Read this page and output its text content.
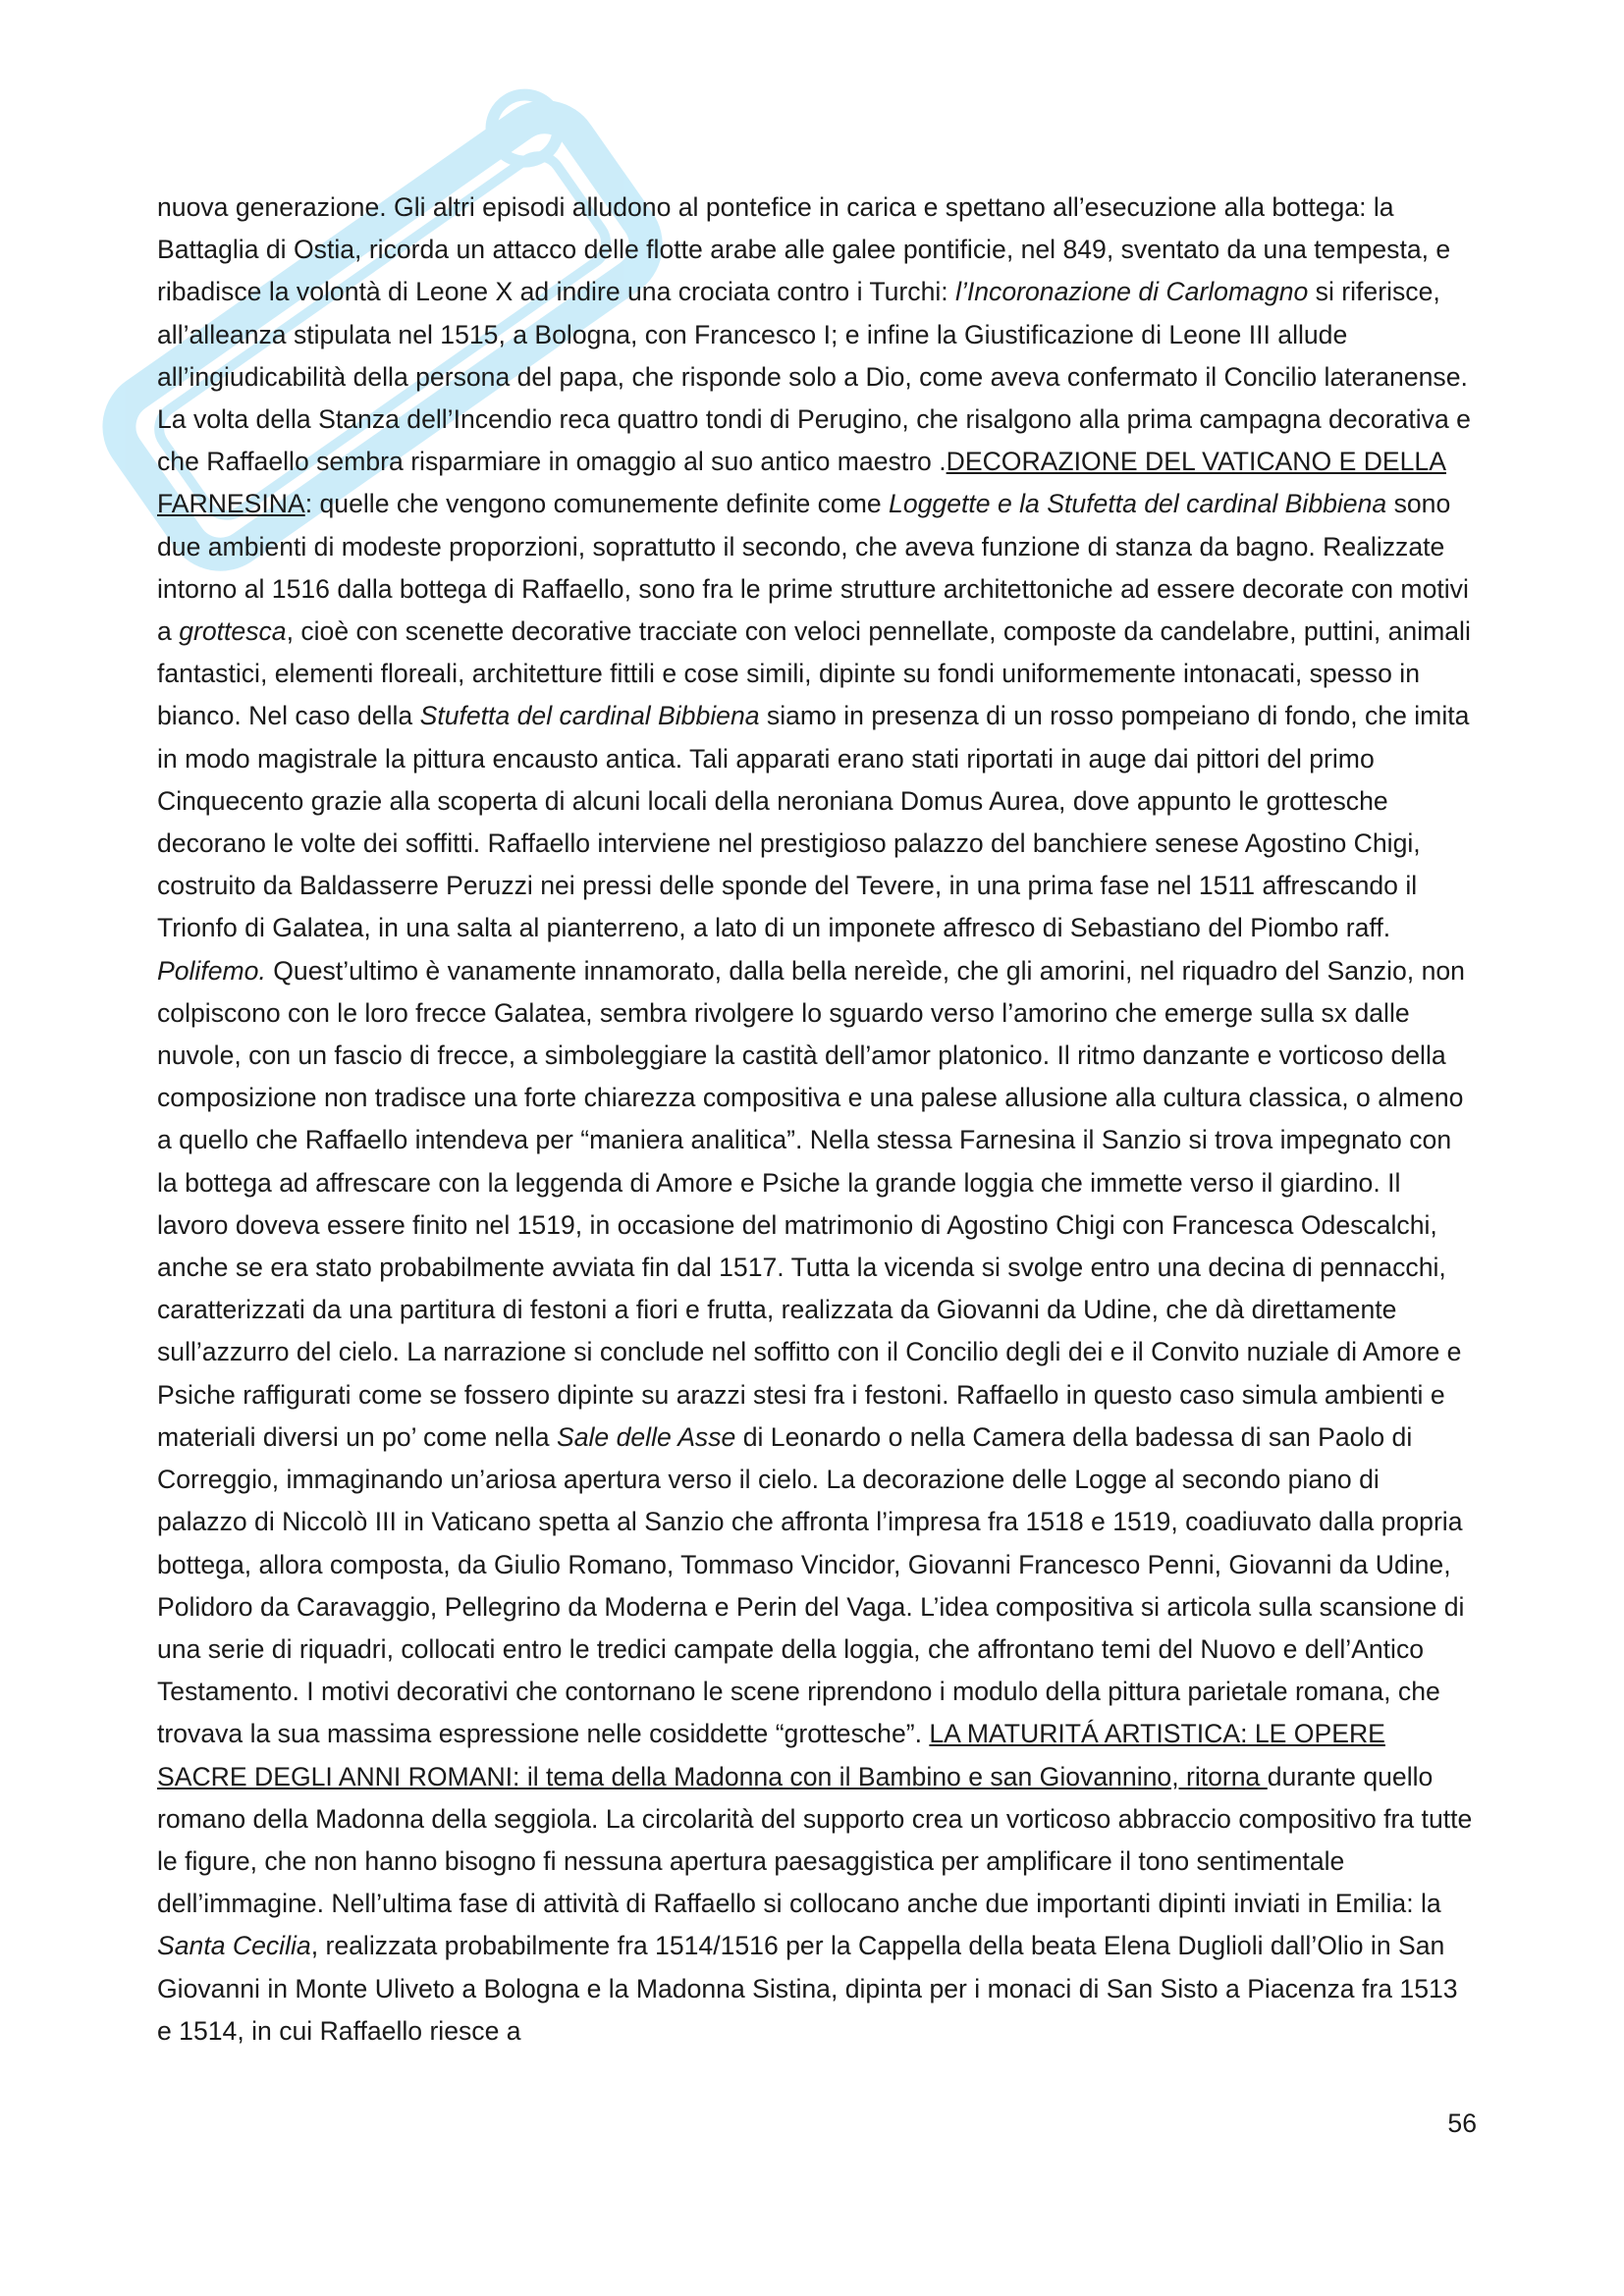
nuova generazione. Gli altri episodi alludono al pontefice in carica e spettano all’esecuzione alla bottega: la Battaglia di Ostia, ricorda un attacco delle flotte arabe alle galee pontificie, nel 849, sventato da una tempesta, e ribadisce la volontà di Leone X ad indire una crociata contro i Turchi: l’Incoronazione di Carlomagno si riferisce, all’alleanza stipulata nel 1515, a Bologna, con Francesco I; e infine la Giustificazione di Leone III allude all’ingiudicabilità della persona del papa, che risponde solo a Dio, come aveva confermato il Concilio lateranense. La volta della Stanza dell’Incendio reca quattro tondi di Perugino, che risalgono alla prima campagna decorativa e che Raffaello sembra risparmiare in omaggio al suo antico maestro .DECORAZIONE DEL VATICANO E DELLA FARNESINA: quelle che vengono comunemente definite come Loggette e la Stufetta del cardinal Bibbiena sono due ambienti di modeste proporzioni, soprattutto il secondo, che aveva funzione di stanza da bagno. Realizzate intorno al 1516 dalla bottega di Raffaello, sono fra le prime strutture architettoniche ad essere decorate con motivi a grottesca, cioè con scenette decorative tracciate con veloci pennellate, composte da candelabre, puttini, animali fantastici, elementi floreali, architetture fittili e cose simili, dipinte su fondi uniformemente intonacati, spesso in bianco. Nel caso della Stufetta del cardinal Bibbiena siamo in presenza di un rosso pompeiano di fondo, che imita in modo magistrale la pittura encausto antica. Tali apparati erano stati riportati in auge dai pittori del primo Cinquecento grazie alla scoperta di alcuni locali della neroniana Domus Aurea, dove appunto le grottesche decorano le volte dei soffitti. Raffaello interviene nel prestigioso palazzo del banchiere senese Agostino Chigi, costruito da Baldasserre Peruzzi nei pressi delle sponde del Tevere, in una prima fase nel 1511 affrescando il Trionfo di Galatea, in una salta al pianterreno, a lato di un imponete affresco di Sebastiano del Piombo raff. Polifemo. Quest’ultimo è vanamente innamorato, dalla bella nereìde, che gli amorini, nel riquadro del Sanzio, non colpiscono con le loro frecce Galatea, sembra rivolgere lo sguardo verso l’amorino che emerge sulla sx dalle nuvole, con un fascio di frecce, a simboleggiare la castità dell’amor platonico. Il ritmo danzante e vorticoso della composizione non tradisce una forte chiarezza compositiva e una palese allusione alla cultura classica, o almeno a quello che Raffaello intendeva per “maniera analitica”. Nella stessa Farnesina il Sanzio si trova impegnato con la bottega ad affrescare con la leggenda di Amore e Psiche la grande loggia che immette verso il giardino. Il lavoro doveva essere finito nel 1519, in occasione del matrimonio di Agostino Chigi con Francesca Odescalchi, anche se era stato probabilmente avviata fin dal 1517. Tutta la vicenda si svolge entro una decina di pennacchi, caratterizzati da una partitura di festoni a fiori e frutta, realizzata da Giovanni da Udine, che dà direttamente sull’azzurro del cielo. La narrazione si conclude nel soffitto con il Concilio degli dei e il Convito nuziale di Amore e Psiche raffigurati come se fossero dipinte su arazzi stesi fra i festoni. Raffaello in questo caso simula ambienti e materiali diversi un po’ come nella Sale delle Asse di Leonardo o nella Camera della badessa di san Paolo di Correggio, immaginando un’ariosa apertura verso il cielo. La decorazione delle Logge al secondo piano di palazzo di Niccolò III in Vaticano spetta al Sanzio che affronta l’impresa fra 1518 e 1519, coadiuvato dalla propria bottega, allora composta, da Giulio Romano, Tommaso Vincidor, Giovanni Francesco Penni, Giovanni da Udine, Polidoro da Caravaggio, Pellegrino da Moderna e Perin del Vaga. L’idea compositiva si articola sulla scansione di una serie di riquadri, collocati entro le tredici campate della loggia, che affrontano temi del Nuovo e dell’Antico Testamento. I motivi decorativi che contornano le scene riprendono i modulo della pittura parietale romana, che trovava la sua massima espressione nelle cosiddette “grottesche”. LA MATURITÁ ARTISTICA: LE OPERE SACRE DEGLI ANNI ROMANI: il tema della Madonna con il Bambino e san Giovannino, ritorna durante quello romano della Madonna della seggiola. La circolarità del supporto crea un vorticoso abbraccio compositivo fra tutte le figure, che non hanno bisogno fi nessuna apertura paesaggistica per amplificare il tono sentimentale dell’immagine. Nell’ultima fase di attività di Raffaello si collocano anche due importanti dipinti inviati in Emilia: la Santa Cecilia, realizzata probabilmente fra 1514/1516 per la Cappella della beata Elena Duglioli dall’Olio in San Giovanni in Monte Uliveto a Bologna e la Madonna Sistina, dipinta per i monaci di San Sisto a Piacenza fra 1513 e 1514, in cui Raffaello riesce a

56
